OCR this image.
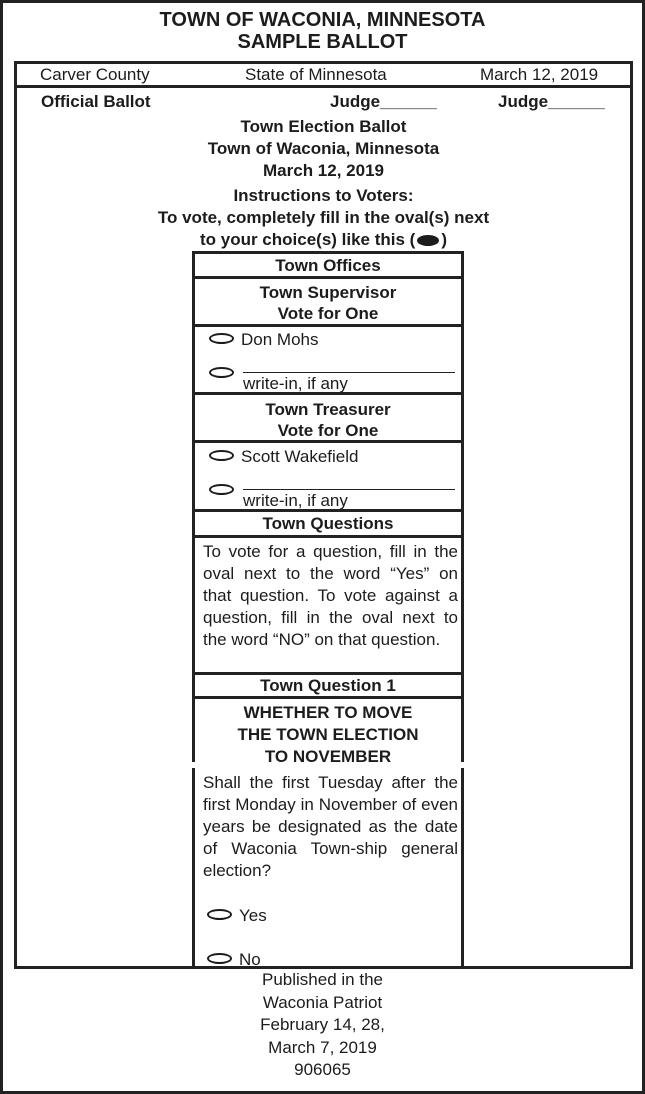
TOWN OF WACONIA, MINNESOTA
SAMPLE BALLOT
Carver County	State of Minnesota	March 12, 2019
Official Ballot	Judge______	Judge______
Town Election Ballot
Town of Waconia, Minnesota
March 12, 2019
Instructions to Voters:
To vote, completely fill in the oval(s) next
to your choice(s) like this ( )
Town Offices
Town Supervisor
Vote for One
Don Mohs
write-in, if any
Town Treasurer
Vote for One
Scott Wakefield
write-in, if any
Town Questions
To vote for a question, fill in the oval next to the word “Yes” on that question. To vote against a question, fill in the oval next to the word “NO” on that question.
Town Question 1
WHETHER TO MOVE
THE TOWN ELECTION
TO NOVEMBER
Shall the first Tuesday after the first Monday in November of even years be designated as the date of Waconia Town-ship general election?
Yes
No
Published in the
Waconia Patriot
February 14, 28,
March 7, 2019
906065
